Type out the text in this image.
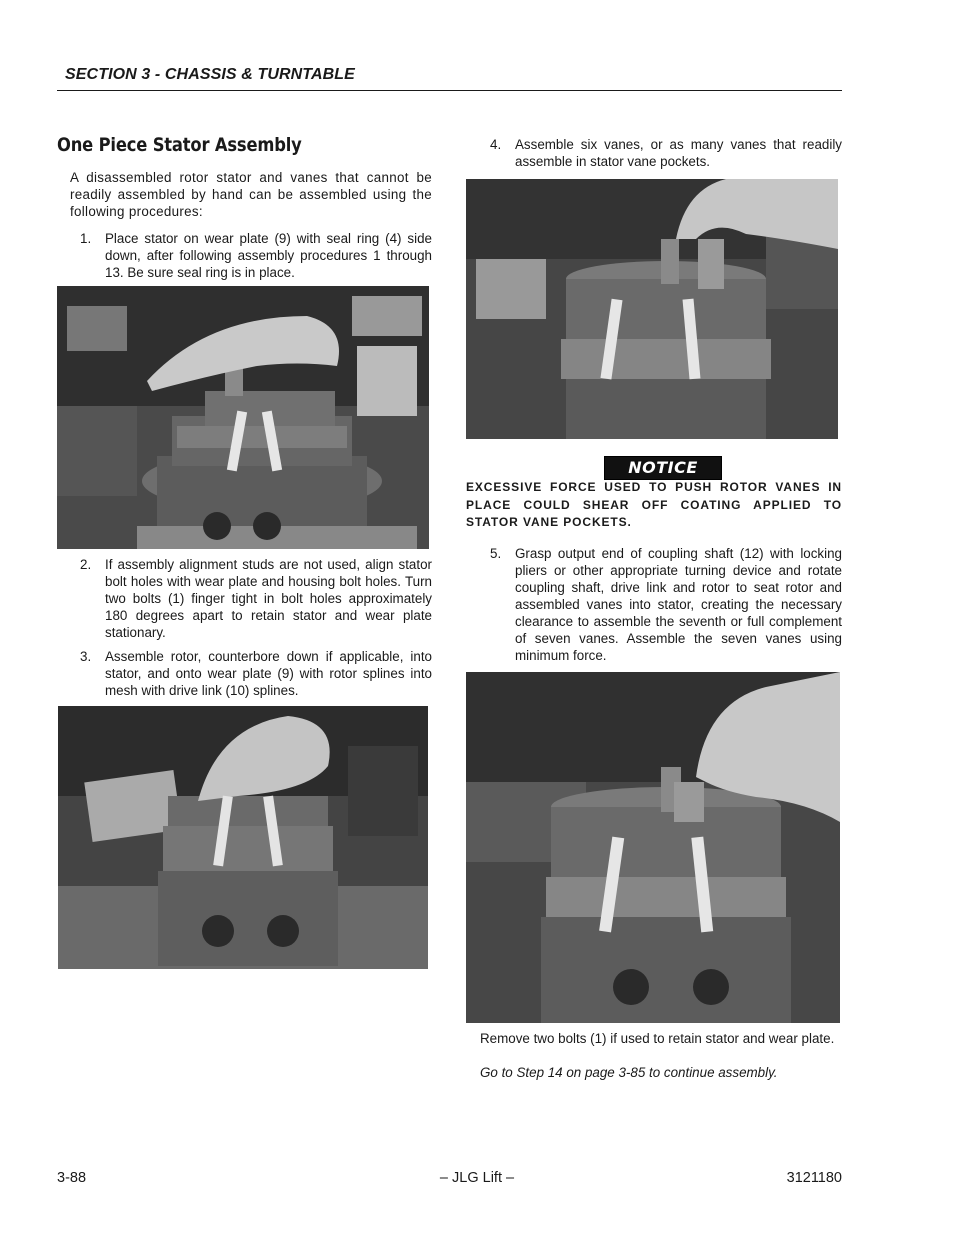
SECTION 3 - CHASSIS & TURNTABLE
One Piece Stator Assembly

A disassembled rotor stator and vanes that cannot be readily assembled by hand can be assembled using the following procedures:

1. Place stator on wear plate (9) with seal ring (4) side down, after following assembly procedures 1 through 13. Be sure seal ring is in place.
2. If assembly alignment studs are not used, align stator bolt holes with wear plate and housing bolt holes. Turn two bolts (1) finger tight in bolt holes approximately 180 degrees apart to retain stator and wear plate stationary.
3. Assemble rotor, counterbore down if applicable, into stator, and onto wear plate (9) with rotor splines into mesh with drive link (10) splines.
4. Assemble six vanes, or as many vanes that readily assemble in stator vane pockets.
NOTICE

EXCESSIVE FORCE USED TO PUSH ROTOR VANES IN PLACE COULD SHEAR OFF COATING APPLIED TO STATOR VANE POCKETS.

5. Grasp output end of coupling shaft (12) with locking pliers or other appropriate turning device and rotate coupling shaft, drive link and rotor to seat rotor and assembled vanes into stator, creating the necessary clearance to assemble the seventh or full complement of seven vanes. Assemble the seven vanes using minimum force.

Remove two bolts (1) if used to retain stator and wear plate.

Go to Step 14 on page 3-85 to continue assembly.

3-88	– JLG Lift –	3121180
